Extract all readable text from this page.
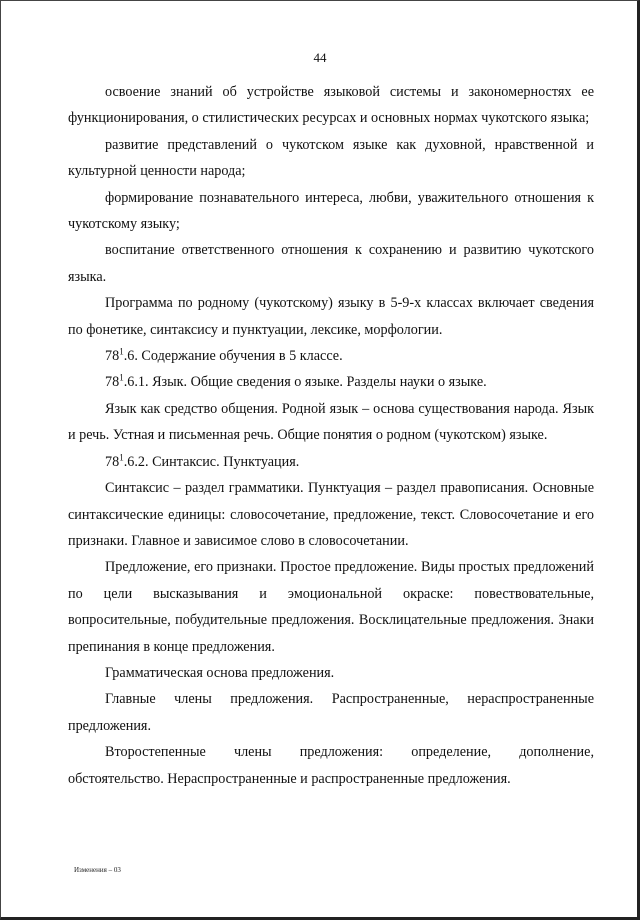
44

освоение знаний об устройстве языковой системы и закономерностях ее функционирования, о стилистических ресурсах и основных нормах чукотского языка;

развитие представлений о чукотском языке как духовной, нравственной и культурной ценности народа;

формирование познавательного интереса, любви, уважительного отношения к чукотскому языку;

воспитание ответственного отношения к сохранению и развитию чукотского языка.

Программа по родному (чукотскому) языку в 5-9-х классах включает сведения по фонетике, синтаксису и пунктуации, лексике, морфологии.

$78^1.6$. Содержание обучения в 5 классе.

$78^1.6.1$. Язык. Общие сведения о языке. Разделы науки о языке.

Язык как средство общения. Родной язык – основа существования народа. Язык и речь. Устная и письменная речь. Общие понятия о родном (чукотском) языке.

$78^1.6.2$. Синтаксис. Пунктуация.

Синтаксис – раздел грамматики. Пунктуация – раздел правописания. Основные синтаксические единицы: словосочетание, предложение, текст. Словосочетание и его признаки. Главное и зависимое слово в словосочетании.

Предложение, его признаки. Простое предложение. Виды простых предложений по цели высказывания и эмоциональной окраске: повествовательные, вопросительные, побудительные предложения. Восклицательные предложения. Знаки препинания в конце предложения.

Грамматическая основа предложения.

Главные члены предложения. Распространенные, нераспространенные предложения.

Второстепенные члены предложения: определение, дополнение, обстоятельство. Нераспространенные и распространенные предложения.

Изменения – 03
